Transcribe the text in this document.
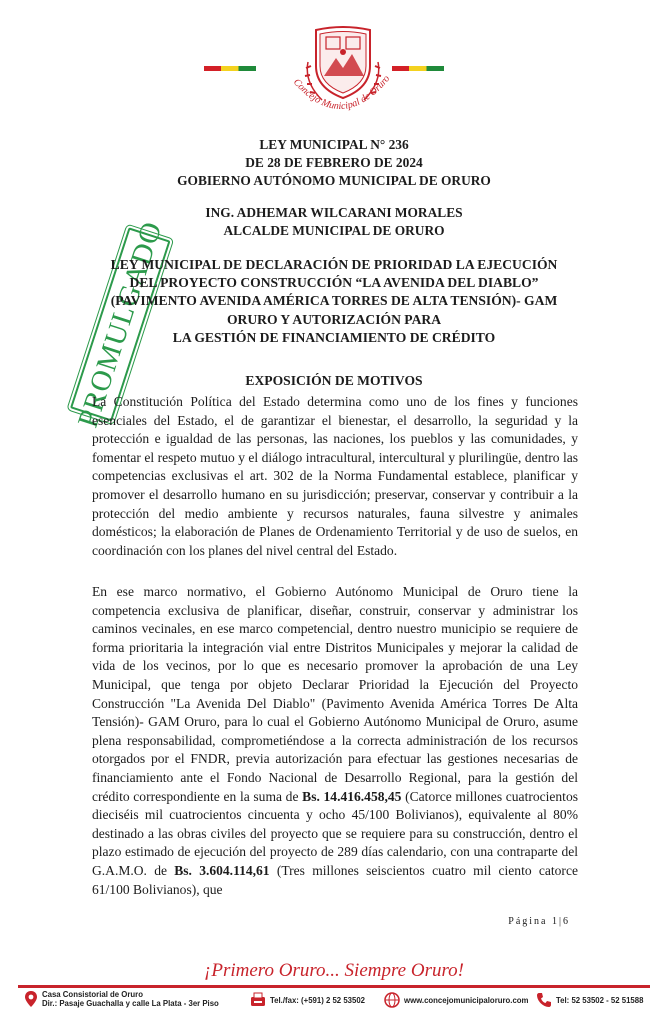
Concejo Municipal de Oruro
PROMULGADO
LEY MUNICIPAL N° 236
DE 28 DE FEBRERO DE 2024
GOBIERNO AUTÓNOMO MUNICIPAL DE ORURO
ING. ADHEMAR WILCARANI MORALES
ALCALDE MUNICIPAL DE ORURO
LEY MUNICIPAL DE DECLARACIÓN DE PRIORIDAD LA EJECUCIÓN
DEL PROYECTO CONSTRUCCIÓN “LA AVENIDA DEL DIABLO”
(PAVIMENTO AVENIDA AMÉRICA TORRES DE ALTA TENSIÓN)- GAM
ORURO Y AUTORIZACIÓN PARA
LA GESTIÓN DE FINANCIAMIENTO DE CRÉDITO
EXPOSICIÓN DE MOTIVOS

La Constitución Política del Estado determina como uno de los fines y funciones esenciales del Estado, el de garantizar el bienestar, el desarrollo, la seguridad y la protección e igualdad de las personas, las naciones, los pueblos y las comunidades, y fomentar el respeto mutuo y el diálogo intracultural, intercultural y plurilingüe, dentro las competencias exclusivas el art. 302 de la Norma Fundamental establece, planificar y promover el desarrollo humano en su jurisdicción; preservar, conservar y contribuir a la protección del medio ambiente y recursos naturales, fauna silvestre y animales domésticos; la elaboración de Planes de Ordenamiento Territorial y de uso de suelos, en coordinación con los planes del nivel central del Estado.

En ese marco normativo, el Gobierno Autónomo Municipal de Oruro tiene la competencia exclusiva de planificar, diseñar, construir, conservar y administrar los caminos vecinales, en ese marco competencial, dentro nuestro municipio se requiere de forma prioritaria la integración vial entre Distritos Municipales y mejorar la calidad de vida de los vecinos, por lo que es necesario promover la aprobación de una Ley Municipal, que tenga por objeto Declarar Prioridad la Ejecución del Proyecto Construcción "La Avenida Del Diablo" (Pavimento Avenida América Torres De Alta Tensión)- GAM Oruro, para lo cual el Gobierno Autónomo Municipal de Oruro, asume plena responsabilidad, comprometiéndose a la correcta administración de los recursos otorgados por el FNDR, previa autorización para efectuar las gestiones necesarias de financiamiento ante el Fondo Nacional de Desarrollo Regional, para la gestión del crédito correspondiente en la suma de Bs. 14.416.458,45 (Catorce millones cuatrocientos dieciséis mil cuatrocientos cincuenta y ocho 45/100 Bolivianos), equivalente al 80% destinado a las obras civiles del proyecto que se requiere para su construcción, dentro el plazo estimado de ejecución del proyecto de 289 días calendario, con una contraparte del G.A.M.O. de Bs. 3.604.114,61 (Tres millones seiscientos cuatro mil ciento catorce 61/100 Bolivianos), que

Página 1|6
¡Primero Oruro... Siempre Oruro!
Casa Consistorial de Oruro
Dir.: Pasaje Guachalla y calle La Plata - 3er Piso	Tel./fax: (+591) 2 52 53502	www.concejomunicipaloruro.com	Tel: 52 53502 - 52 51588
